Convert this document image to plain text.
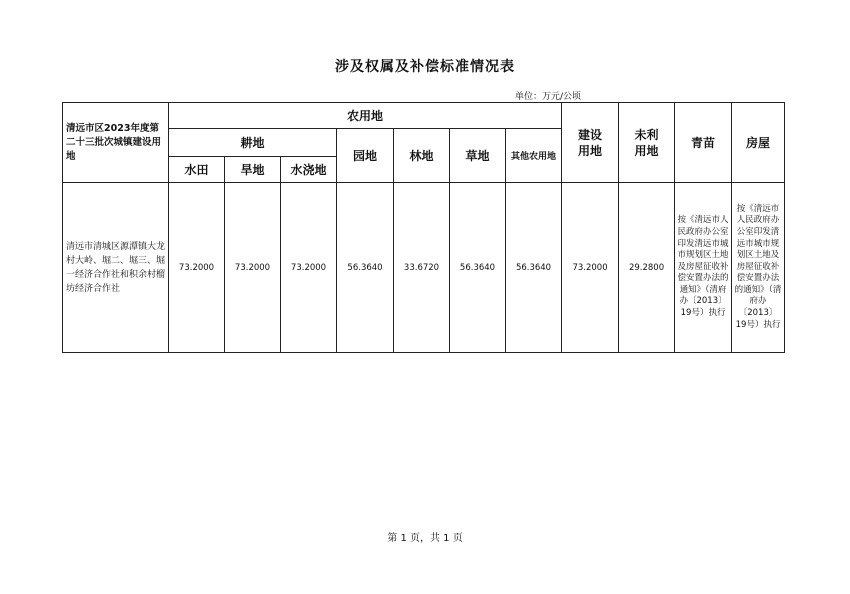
涉及权属及补偿标准情况表
单位：万元/公顷
清远市区2023年度第二十三批次城镇建设用地	农用地							建设用地	未利用地	青苗	房屋
	耕地			园地	林地	草地	其他农用地				
	水田	旱地	水浇地								
清远市清城区源潭镇大龙村大岭、堀二、堀三、堀一经济合作社和积余村榴坊经济合作社	73.2000	73.2000	73.2000	56.3640	33.6720	56.3640	56.3640	73.2000	29.2800	按《清远市人民政府办公室印发清远市城市规划区土地及房屋征收补偿安置办法的通知》（清府办〔2013〕19号）执行	按《清远市人民政府办公室印发清远市城市规划区土地及房屋征收补偿安置办法的通知》（清府办〔2013〕19号）执行
第 1 页，共 1 页
